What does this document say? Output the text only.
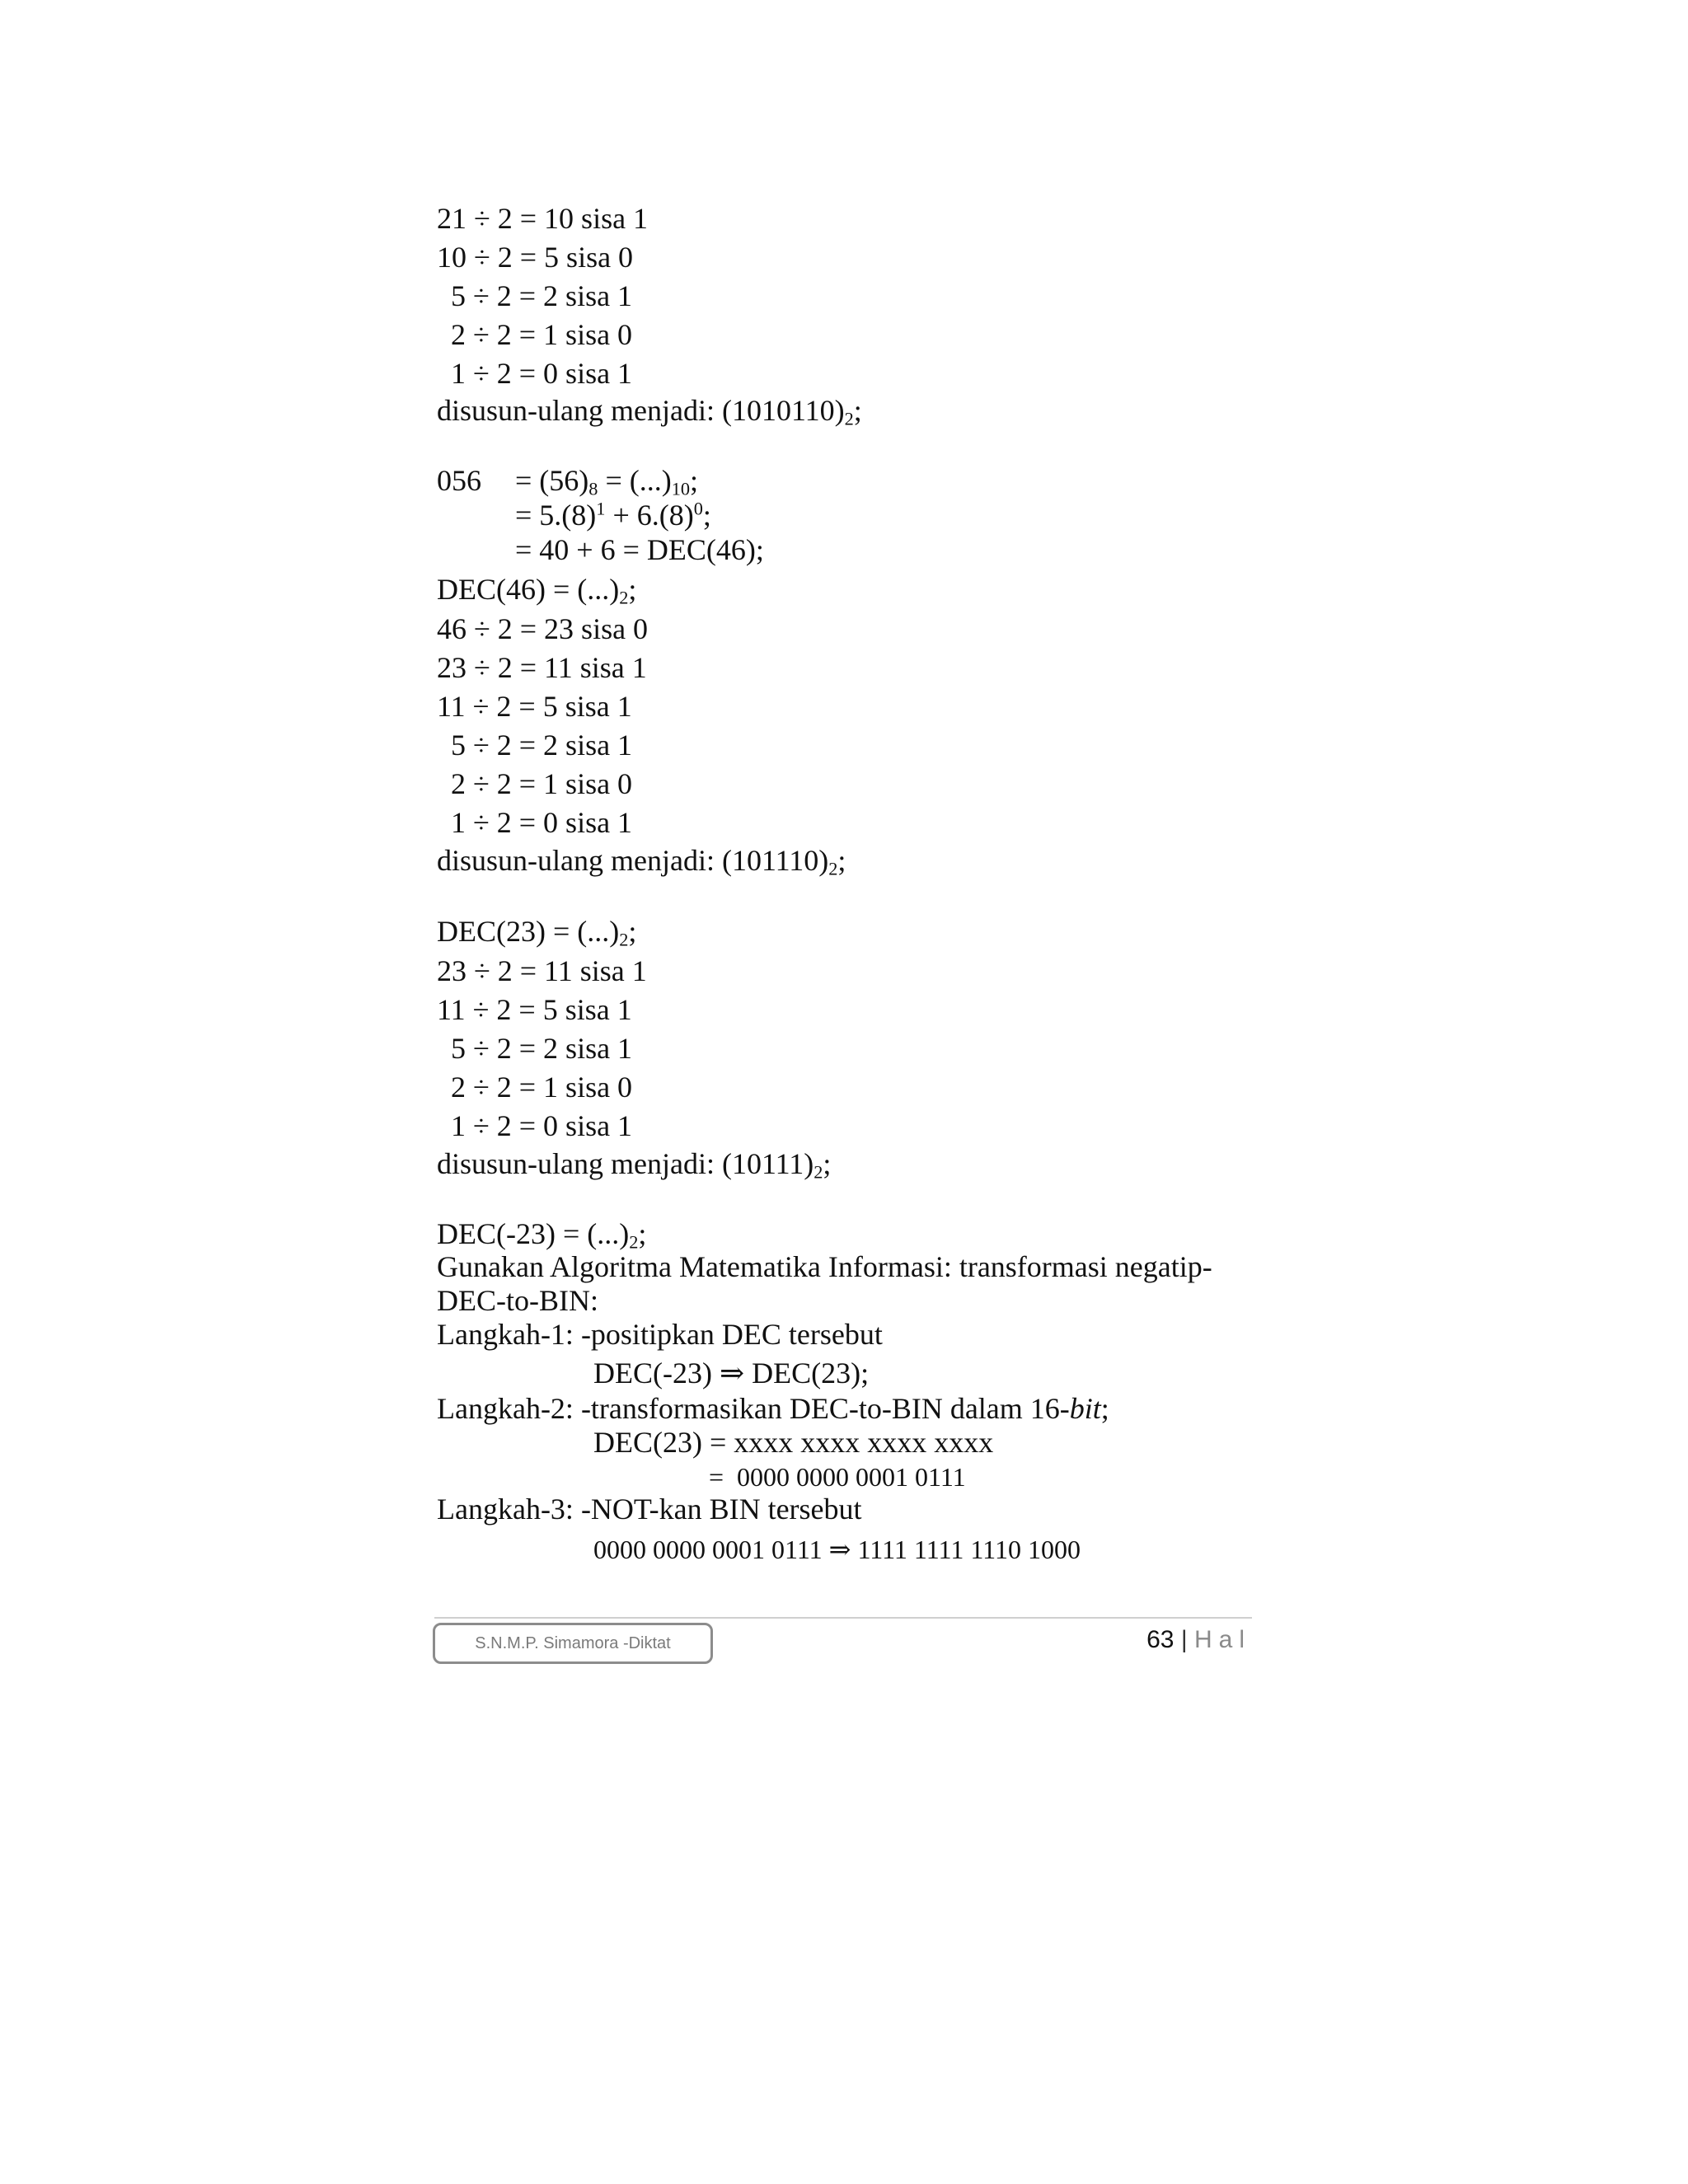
21 ÷ 2 = 10 sisa 1
10 ÷ 2 = 5 sisa 0
5 ÷ 2 = 2 sisa 1
2 ÷ 2 = 1 sisa 0
1 ÷ 2 = 0 sisa 1
disusun-ulang menjadi: $(1010110)_2$;
$056 = (56)_8 = (...)_{10}$;
= $5.(8)^1 + 6.(8)^0$;
= 40 + 6 = DEC(46);
$DEC(46) = (...)_2$;
46 ÷ 2 = 23 sisa 0
23 ÷ 2 = 11 sisa 1
11 ÷ 2 = 5 sisa 1
5 ÷ 2 = 2 sisa 1
2 ÷ 2 = 1 sisa 0
1 ÷ 2 = 0 sisa 1
disusun-ulang menjadi: $(101110)_2$;
$DEC(23) = (...)_2$;
23 ÷ 2 = 11 sisa 1
11 ÷ 2 = 5 sisa 1
5 ÷ 2 = 2 sisa 1
2 ÷ 2 = 1 sisa 0
1 ÷ 2 = 0 sisa 1
disusun-ulang menjadi: $(10111)_2$;
$DEC(-23) = (...)_2$;
Gunakan Algoritma Matematika Informasi: transformasi negatip-
DEC-to-BIN:
Langkah-1: -positipkan DEC tersebut
DEC(-23) ⇒ DEC(23);
Langkah-2: -transformasikan DEC-to-BIN dalam 16-bit;
DEC(23) = xxxx xxxx xxxx xxxx
=  0000 0000 0001 0111
Langkah-3: -NOT-kan BIN tersebut
0000 0000 0001 0111 ⇒ 1111 1111 1110 1000
S.N.M.P. Simamora -Diktat	63 | Hal
